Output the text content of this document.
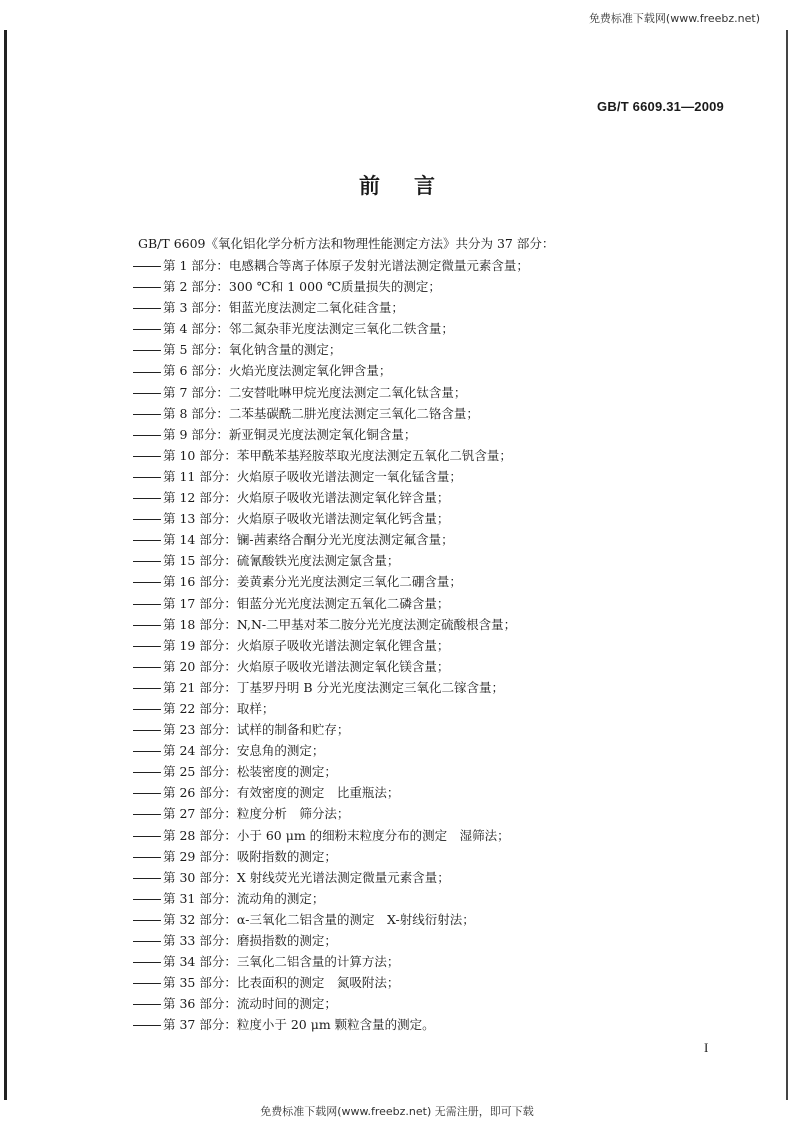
免费标准下载网(www.freebz.net)
GB/T 6609.31—2009
前言
GB/T 6609《氧化铝化学分析方法和物理性能测定方法》共分为 37 部分：
第 1 部分：电感耦合等离子体原子发射光谱法测定微量元素含量；
第 2 部分：300 ℃和 1 000 ℃质量损失的测定；
第 3 部分：钼蓝光度法测定二氧化硅含量；
第 4 部分：邻二氮杂菲光度法测定三氧化二铁含量；
第 5 部分：氧化钠含量的测定；
第 6 部分：火焰光度法测定氧化钾含量；
第 7 部分：二安替吡啉甲烷光度法测定二氧化钛含量；
第 8 部分：二苯基碳酰二肼光度法测定三氧化二铬含量；
第 9 部分：新亚铜灵光度法测定氧化铜含量；
第 10 部分：苯甲酰苯基羟胺萃取光度法测定五氧化二钒含量；
第 11 部分：火焰原子吸收光谱法测定一氧化锰含量；
第 12 部分：火焰原子吸收光谱法测定氧化锌含量；
第 13 部分：火焰原子吸收光谱法测定氧化钙含量；
第 14 部分：镧-茜素络合酮分光光度法测定氟含量；
第 15 部分：硫氰酸铁光度法测定氯含量；
第 16 部分：姜黄素分光光度法测定三氧化二硼含量；
第 17 部分：钼蓝分光光度法测定五氧化二磷含量；
第 18 部分：N,N-二甲基对苯二胺分光光度法测定硫酸根含量；
第 19 部分：火焰原子吸收光谱法测定氧化锂含量；
第 20 部分：火焰原子吸收光谱法测定氧化镁含量；
第 21 部分：丁基罗丹明 B 分光光度法测定三氧化二镓含量；
第 22 部分：取样；
第 23 部分：试样的制备和贮存；
第 24 部分：安息角的测定；
第 25 部分：松装密度的测定；
第 26 部分：有效密度的测定　比重瓶法；
第 27 部分：粒度分析　筛分法；
第 28 部分：小于 60 μm 的细粉末粒度分布的测定　湿筛法；
第 29 部分：吸附指数的测定；
第 30 部分：X 射线荧光光谱法测定微量元素含量；
第 31 部分：流动角的测定；
第 32 部分：α-三氧化二铝含量的测定　X-射线衍射法；
第 33 部分：磨损指数的测定；
第 34 部分：三氧化二铝含量的计算方法；
第 35 部分：比表面积的测定　氮吸附法；
第 36 部分：流动时间的测定；
第 37 部分：粒度小于 20 μm 颗粒含量的测定。
I
免费标准下载网(www.freebz.net) 无需注册，即可下载
